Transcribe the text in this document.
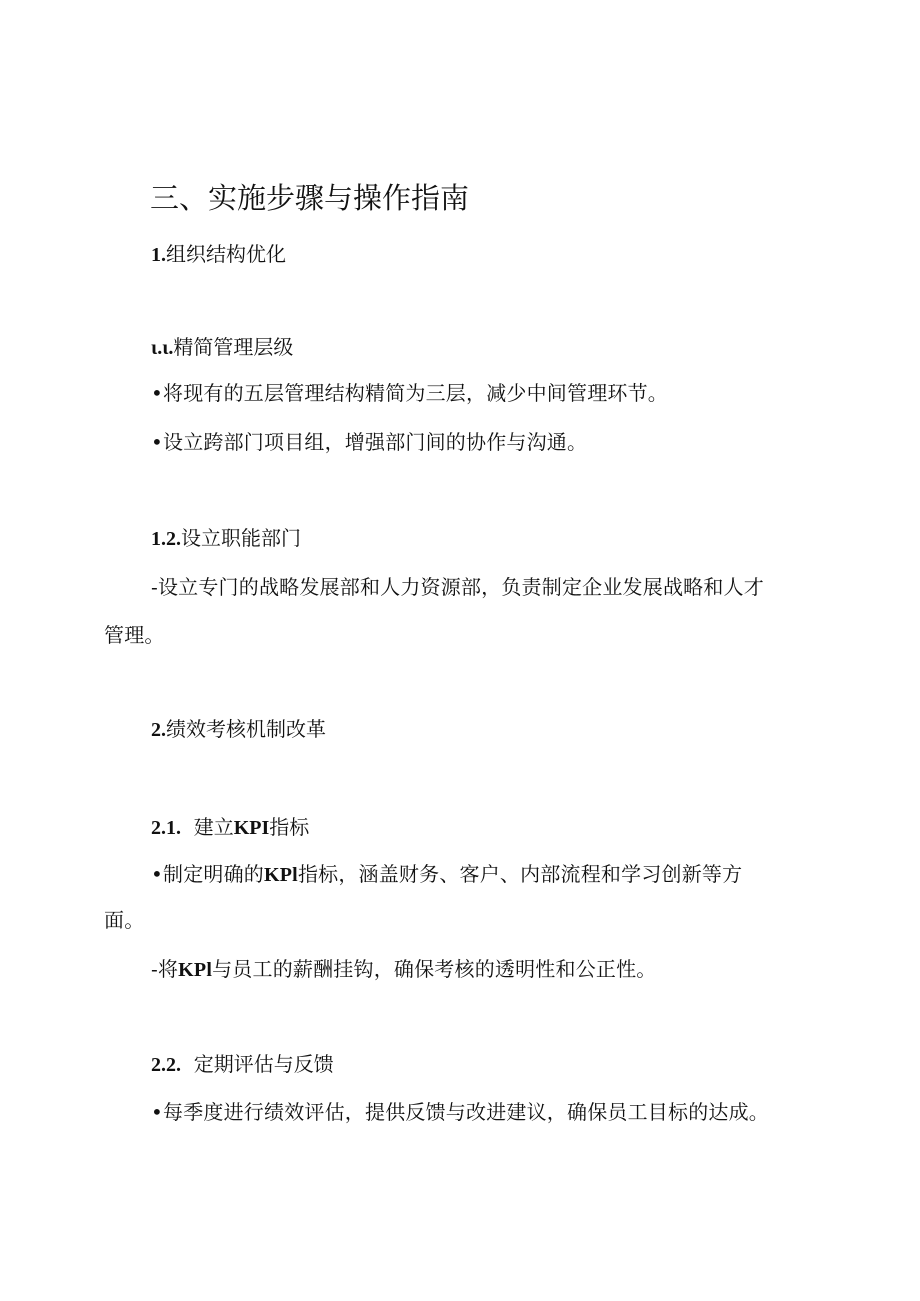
三、实施步骤与操作指南

1.组织结构优化

ι.ι.精简管理层级

•将现有的五层管理结构精简为三层，减少中间管理环节。

•设立跨部门项目组，增强部门间的协作与沟通。

1.2.设立职能部门

-设立专门的战略发展部和人力资源部，负责制定企业发展战略和人才

管理。

2.绩效考核机制改革

2.1. 建立KPI指标

•制定明确的KPl指标，涵盖财务、客户、内部流程和学习创新等方

面。

-将KPl与员工的薪酬挂钩，确保考核的透明性和公正性。

2.2. 定期评估与反馈

•每季度进行绩效评估，提供反馈与改进建议，确保员工目标的达成。
